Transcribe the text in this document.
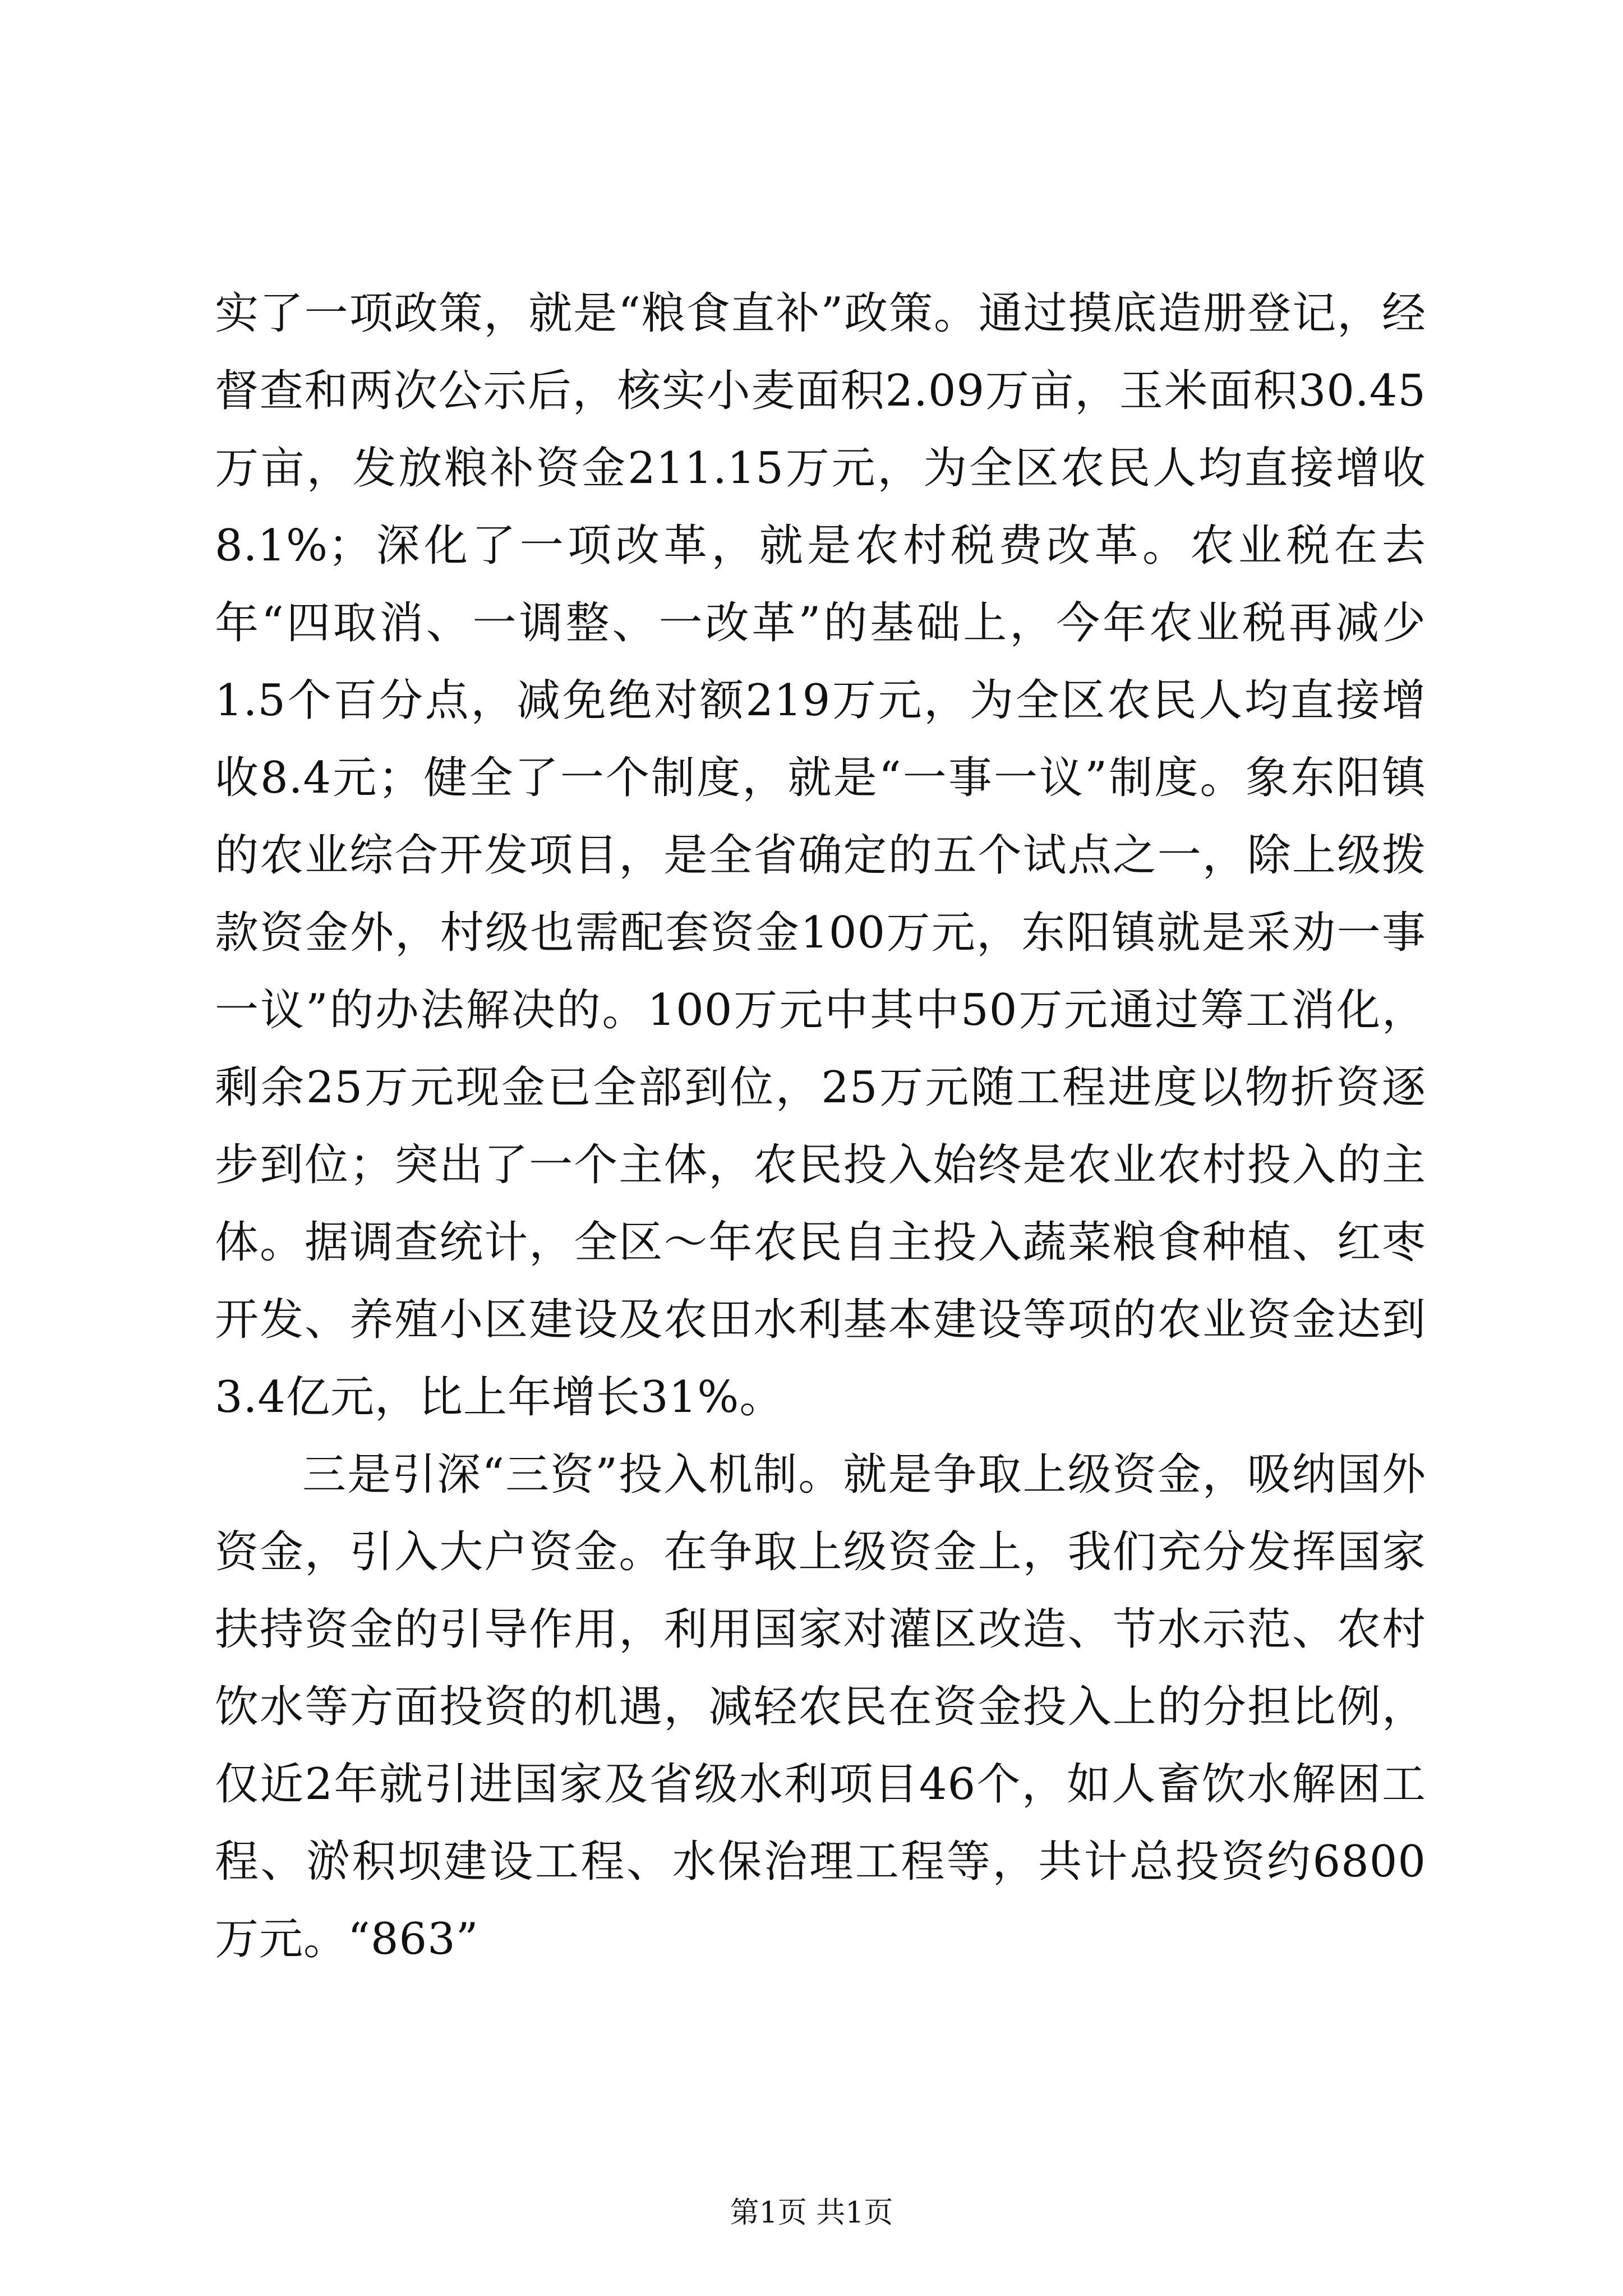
实了一项政策，就是“粮食直补”政策。通过摸底造册登记，经督查和两次公示后，核实小麦面积2.09万亩，玉米面积30.45万亩，发放粮补资金211.15万元，为全区农民人均直接增收8.1%；深化了一项改革，就是农村税费改革。农业税在去年“四取消、一调整、一改革”的基础上，今年农业税再减少1.5个百分点，减免绝对额219万元，为全区农民人均直接增收8.4元；健全了一个制度，就是“一事一议”制度。象东阳镇的农业综合开发项目，是全省确定的五个试点之一，除上级拨款资金外，村级也需配套资金100万元，东阳镇就是采劝一事一议”的办法解决的。100万元中其中50万元通过筹工消化，剩余25万元现金已全部到位，25万元随工程进度以物折资逐步到位；突出了一个主体，农民投入始终是农业农村投入的主体。据调查统计，全区～年农民自主投入蔬菜粮食种植、红枣开发、养殖小区建设及农田水利基本建设等项的农业资金达到3.4亿元，比上年增长31%。

三是引深“三资”投入机制。就是争取上级资金，吸纳国外资金，引入大户资金。在争取上级资金上，我们充分发挥国家扶持资金的引导作用，利用国家对灌区改造、节水示范、农村饮水等方面投资的机遇，减轻农民在资金投入上的分担比例，仅近2年就引进国家及省级水利项目46个，如人畜饮水解困工程、淤积坝建设工程、水保治理工程等，共计总投资约6800万元。“863”

第1页 共1页
